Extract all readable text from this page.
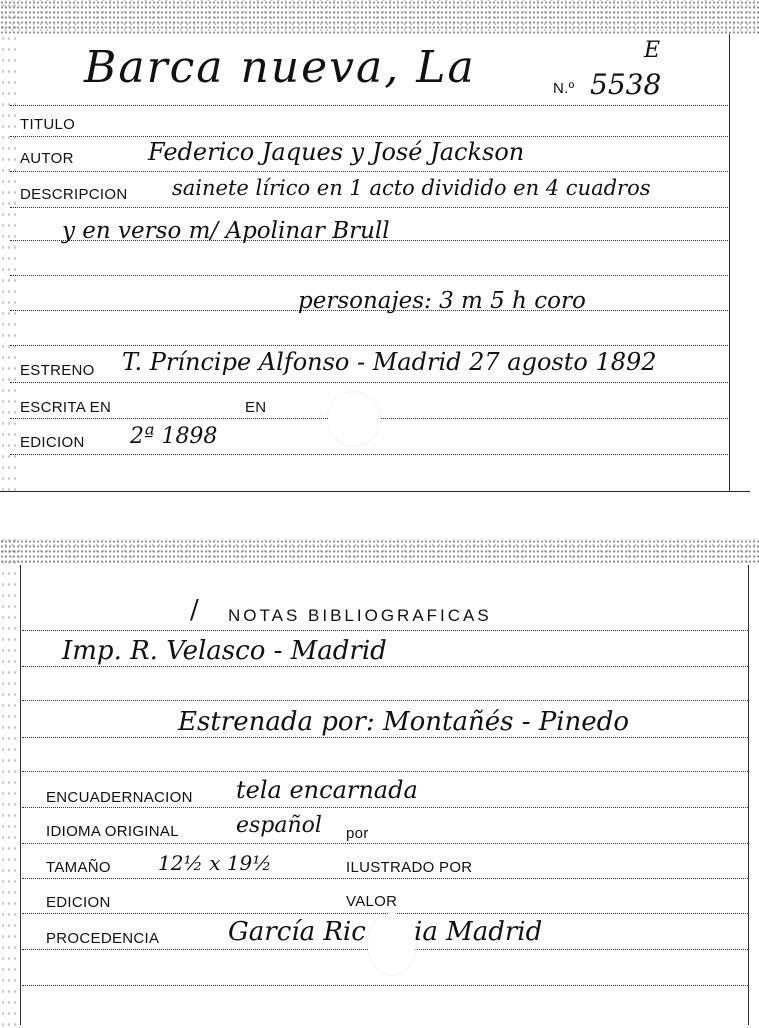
Barca nueva, La	N.º 5538
E
TITULO
AUTOR	Federico Jaques y José Jackson
DESCRIPCION sainete lírico en 1 acto dividido en 4 cuadros
y en verso m/ Apolinar Brull
personajes: 3 m 5 h coro
ESTRENO T. Príncipe Alfonso - Madrid 27 agosto 1892
ESCRITA EN	EN
EDICION 2ª 1898
/ NOTAS BIBLIOGRAFICAS
Imp. R. Velasco - Madrid
Estrenada por: Montañés - Pinedo
ENCUADERNACION tela encarnada
IDIOMA ORIGINAL	español por
TAMAÑO 12½ x 19½	ILUSTRADO POR
EDICION	VALOR
PROCEDENCIA	García Ric ia Madrid
